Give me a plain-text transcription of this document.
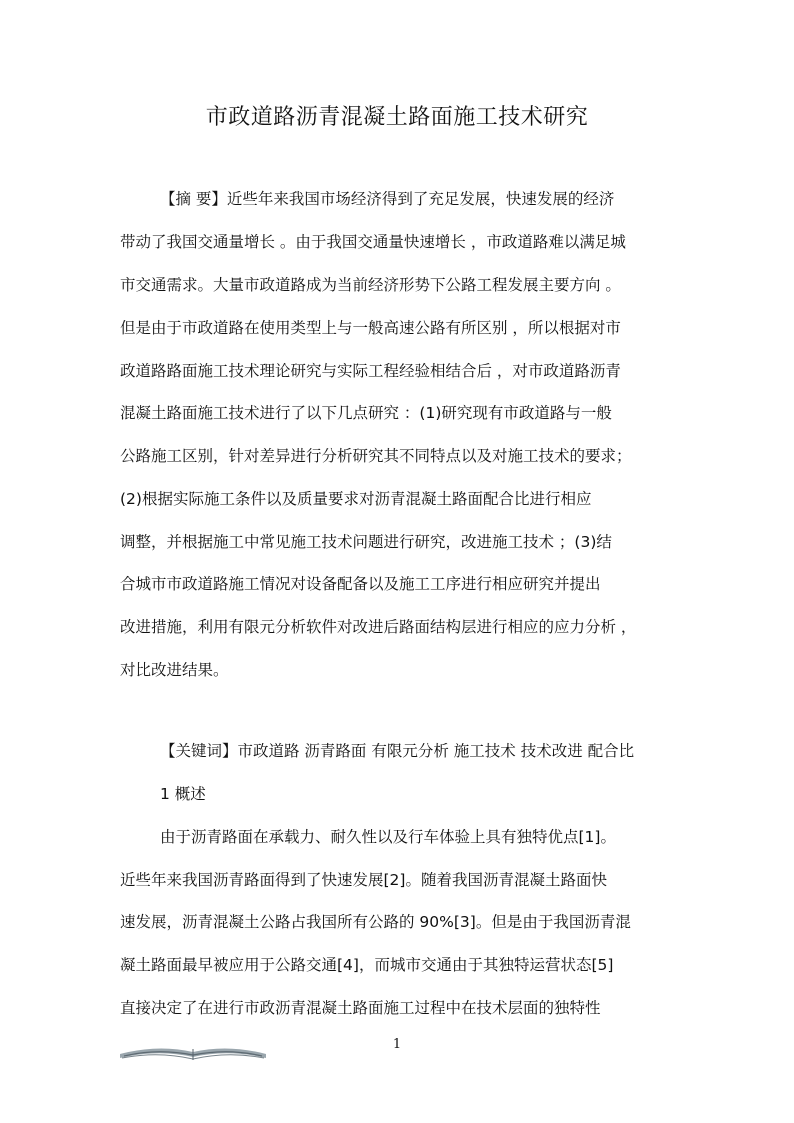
市政道路沥青混凝土路面施工技术研究
【摘 要】近些年来我国市场经济得到了充足发展，快速发展的经济
带动了我国交通量增长 。由于我国交通量快速增长 ，市政道路难以满足城
市交通需求。大量市政道路成为当前经济形势下公路工程发展主要方向 。
但是由于市政道路在使用类型上与一般高速公路有所区别 ，所以根据对市
政道路路面施工技术理论研究与实际工程经验相结合后 ，对市政道路沥青
混凝土路面施工技术进行了以下几点研究 ：(1)研究现有市政道路与一般
公路施工区别，针对差异进行分析研究其不同特点以及对施工技术的要求；
(2)根据实际施工条件以及质量要求对沥青混凝土路面配合比进行相应
调整，并根据施工中常见施工技术问题进行研究，改进施工技术 ；(3)结
合城市市政道路施工情况对设备配备以及施工工序进行相应研究并提出
改进措施，利用有限元分析软件对改进后路面结构层进行相应的应力分析 ，
对比改进结果。
【关键词】市政道路 沥青路面 有限元分析 施工技术 技术改进 配合比
1 概述
由于沥青路面在承载力、耐久性以及行车体验上具有独特优点[1]。
近些年来我国沥青路面得到了快速发展[2]。随着我国沥青混凝土路面快
速发展，沥青混凝土公路占我国所有公路的 90%[3]。但是由于我国沥青混
凝土路面最早被应用于公路交通[4]，而城市交通由于其独特运营状态[5]
直接决定了在进行市政沥青混凝土路面施工过程中在技术层面的独特性
1
